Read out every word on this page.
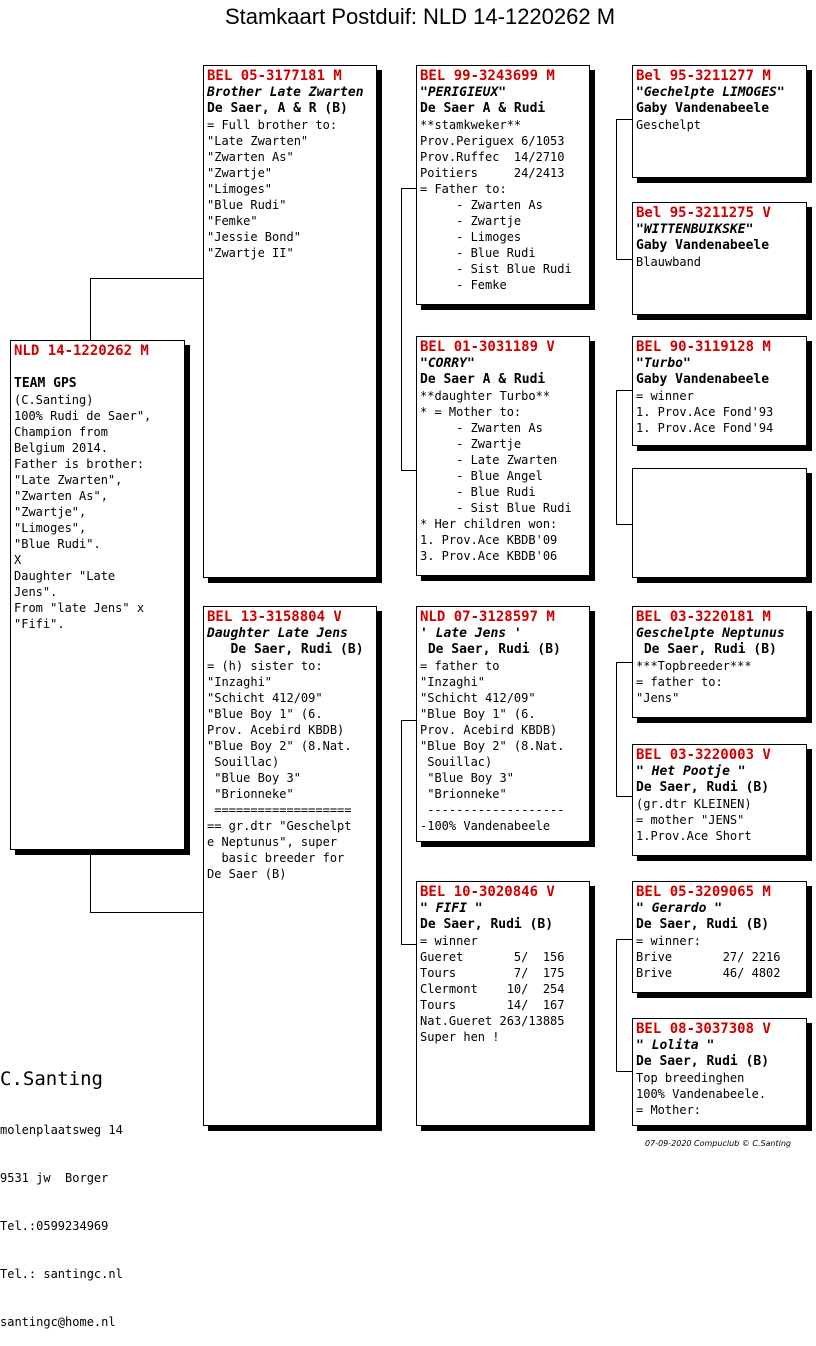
Stamkaart Postduif: NLD 14-1220262 M
NLD 14-1220262 M
TEAM GPS
(C.Santing)
100% Rudi de Saer",
Champion from
Belgium 2014.
Father is brother:
"Late Zwarten",
"Zwarten As",
"Zwartje",
"Limoges",
"Blue Rudi".
X
Daughter "Late
Jens".
From "late Jens" x
"Fifi".
BEL 05-3177181 M
Brother Late Zwarten
De Saer, A & R (B)
= Full brother to:
"Late Zwarten"
"Zwarten As"
"Zwartje"
"Limoges"
"Blue Rudi"
"Femke"
"Jessie Bond"
"Zwartje II"
BEL 13-3158804 V
Daughter Late Jens
De Saer, Rudi (B)
= (h) sister to:
"Inzaghi"
"Schicht 412/09"
"Blue Boy 1" (6.
Prov. Acebird KBDB)
"Blue Boy 2" (8.Nat.
Souillac)
"Blue Boy 3"
"Brionneke"
===================
== gr.dtr "Geschelpt
e Neptunus", super
basic breeder for
De Saer (B)
BEL 99-3243699 M
"PERIGIEUX"
De Saer A & Rudi
**stamkweker**
Prov.Periguex 6/1053
Prov.Ruffec  14/2710
Poitiers     24/2413
= Father to:
- Zwarten As
- Zwartje
- Limoges
- Blue Rudi
- Sist Blue Rudi
- Femke
BEL 01-3031189 V
"CORRY"
De Saer A & Rudi
**daughter Turbo**
* = Mother to:
- Zwarten As
- Zwartje
- Late Zwarten
- Blue Angel
- Blue Rudi
- Sist Blue Rudi
* Her children won:
1. Prov.Ace KBDB'09
3. Prov.Ace KBDB'06
NLD 07-3128597 M
' Late Jens '
De Saer, Rudi (B)
= father to
"Inzaghi"
"Schicht 412/09"
"Blue Boy 1" (6.
Prov. Acebird KBDB)
"Blue Boy 2" (8.Nat.
Souillac)
"Blue Boy 3"
"Brionneke"
-------------------
-100% Vandenabeele
BEL 10-3020846 V
" FIFI "
De Saer, Rudi (B)
= winner
Gueret       5/  156
Tours        7/  175
Clermont    10/  254
Tours       14/  167
Nat.Gueret 263/13885
Super hen !
Bel 95-3211277 M
"Gechelpte LIMOGES"
Gaby Vandenabeele
Geschelpt
Bel 95-3211275 V
"WITTENBUIKSKE"
Gaby Vandenabeele
Blauwband
BEL 90-3119128 M
"Turbo"
Gaby Vandenabeele
= winner
1. Prov.Ace Fond'93
1. Prov.Ace Fond'94
BEL 03-3220181 M
Geschelpte Neptunus
De Saer, Rudi (B)
***Topbreeder***
= father to:
"Jens"
BEL 03-3220003 V
" Het Pootje "
De Saer, Rudi (B)
(gr.dtr KLEINEN)
= mother "JENS"
1.Prov.Ace Short
BEL 05-3209065 M
" Gerardo "
De Saer, Rudi (B)
= winner:
Brive       27/ 2216
Brive       46/ 4802
BEL 08-3037308 V
" Lolita "
De Saer, Rudi (B)
Top breedinghen
100% Vandenabeele.
= Mother:

C.Santing

molenplaatsweg 14

9531 jw  Borger

Tel.:0599234969

Tel.: santingc.nl

santingc@home.nl

07-09-2020 Compuclub © C.Santing
